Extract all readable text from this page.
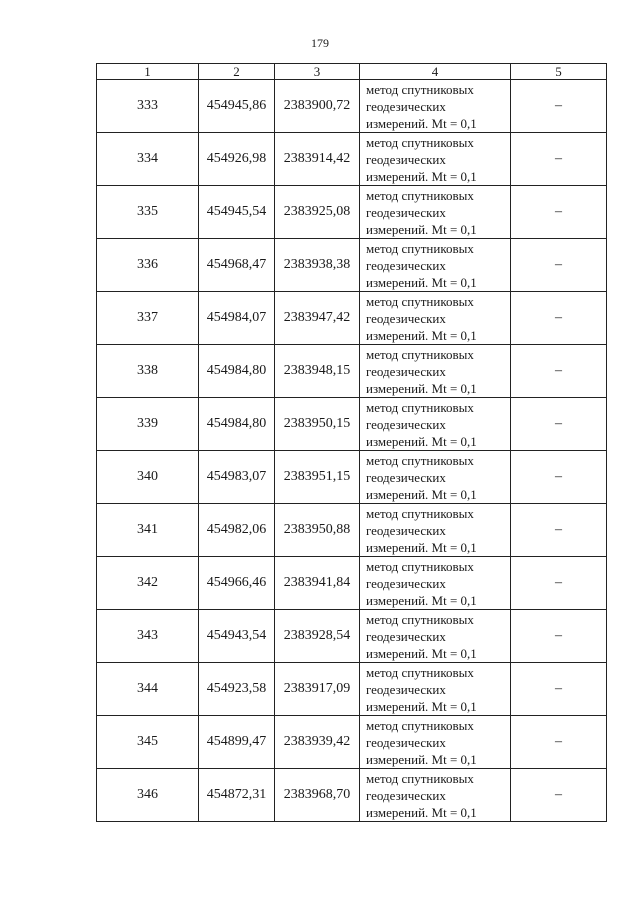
179
1	2	3	4	5
333	454945,86	2383900,72	метод спутниковых
геодезических
измерений. Mt = 0,1	–
334	454926,98	2383914,42	метод спутниковых
геодезических
измерений. Mt = 0,1	–
335	454945,54	2383925,08	метод спутниковых
геодезических
измерений. Mt = 0,1	–
336	454968,47	2383938,38	метод спутниковых
геодезических
измерений. Mt = 0,1	–
337	454984,07	2383947,42	метод спутниковых
геодезических
измерений. Mt = 0,1	–
338	454984,80	2383948,15	метод спутниковых
геодезических
измерений. Mt = 0,1	–
339	454984,80	2383950,15	метод спутниковых
геодезических
измерений. Mt = 0,1	–
340	454983,07	2383951,15	метод спутниковых
геодезических
измерений. Mt = 0,1	–
341	454982,06	2383950,88	метод спутниковых
геодезических
измерений. Mt = 0,1	–
342	454966,46	2383941,84	метод спутниковых
геодезических
измерений. Mt = 0,1	–
343	454943,54	2383928,54	метод спутниковых
геодезических
измерений. Mt = 0,1	–
344	454923,58	2383917,09	метод спутниковых
геодезических
измерений. Mt = 0,1	–
345	454899,47	2383939,42	метод спутниковых
геодезических
измерений. Mt = 0,1	–
346	454872,31	2383968,70	метод спутниковых
геодезических
измерений. Mt = 0,1	–
